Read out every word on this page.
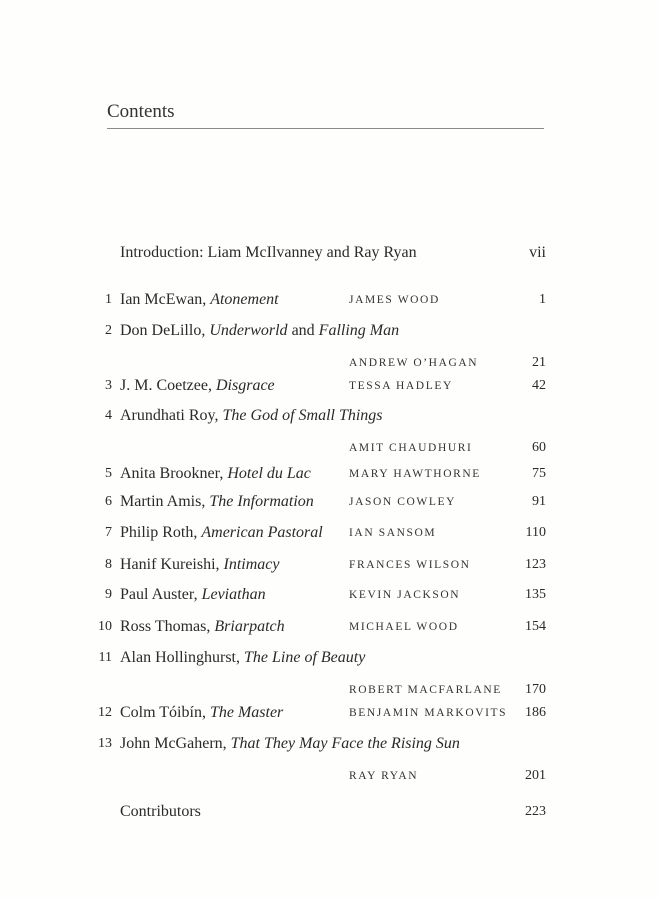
Contents
Introduction: Liam McIlvanney and Ray Ryan	vii
1 Ian McEwan, Atonement	JAMES WOOD	1
2 Don DeLillo, Underworld and Falling Man
ANDREW O’HAGAN	21
3 J. M. Coetzee, Disgrace	TESSA HADLEY	42
4 Arundhati Roy, The God of Small Things
AMIT CHAUDHURI	60
5 Anita Brookner, Hotel du Lac	MARY HAWTHORNE	75
6 Martin Amis, The Information	JASON COWLEY	91
7 Philip Roth, American Pastoral IAN SANSOM	110
8 Hanif Kureishi, Intimacy	FRANCES WILSON	123
9 Paul Auster, Leviathan	KEVIN JACKSON	135
10 Ross Thomas, Briarpatch	MICHAEL WOOD	154
11 Alan Hollinghurst, The Line of Beauty
ROBERT MACFARLANE 170
12 Colm Tóibín, The Master	BENJAMIN MARKOVITS 186
13 John McGahern, That They May Face the Rising Sun
RAY RYAN	201
Contributors	223
